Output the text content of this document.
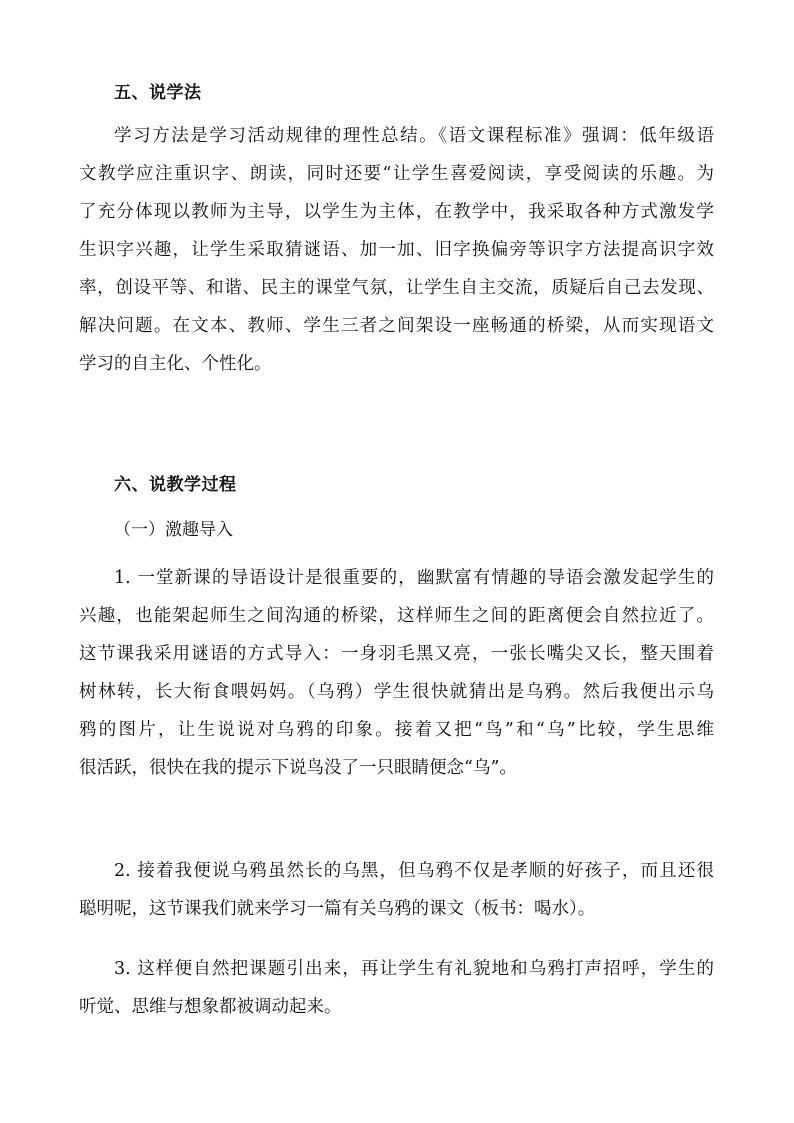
五、说学法
学习方法是学习活动规律的理性总结。《语文课程标准》强调：低年级语
文教学应注重识字、朗读，同时还要“让学生喜爱阅读，享受阅读的乐趣。为
了充分体现以教师为主导，以学生为主体，在教学中，我采取各种方式激发学
生识字兴趣，让学生采取猜谜语、加一加、旧字换偏旁等识字方法提高识字效
率，创设平等、和谐、民主的课堂气氛，让学生自主交流，质疑后自己去发现、
解决问题。在文本、教师、学生三者之间架设一座畅通的桥梁，从而实现语文
学习的自主化、个性化。
六、说教学过程
（一）激趣导入
1. 一堂新课的导语设计是很重要的，幽默富有情趣的导语会激发起学生的
兴趣，也能架起师生之间沟通的桥梁，这样师生之间的距离便会自然拉近了。
这节课我采用谜语的方式导入：一身羽毛黑又亮，一张长嘴尖又长，整天围着
树林转，长大衔食喂妈妈。（乌鸦）学生很快就猜出是乌鸦。然后我便出示乌
鸦的图片，让生说说对乌鸦的印象。接着又把“鸟”和“乌”比较，学生思维
很活跃，很快在我的提示下说鸟没了一只眼睛便念“乌”。
2. 接着我便说乌鸦虽然长的乌黑，但乌鸦不仅是孝顺的好孩子，而且还很
聪明呢，这节课我们就来学习一篇有关乌鸦的课文（板书：喝水）。
3. 这样便自然把课题引出来，再让学生有礼貌地和乌鸦打声招呼，学生的
听觉、思维与想象都被调动起来。
